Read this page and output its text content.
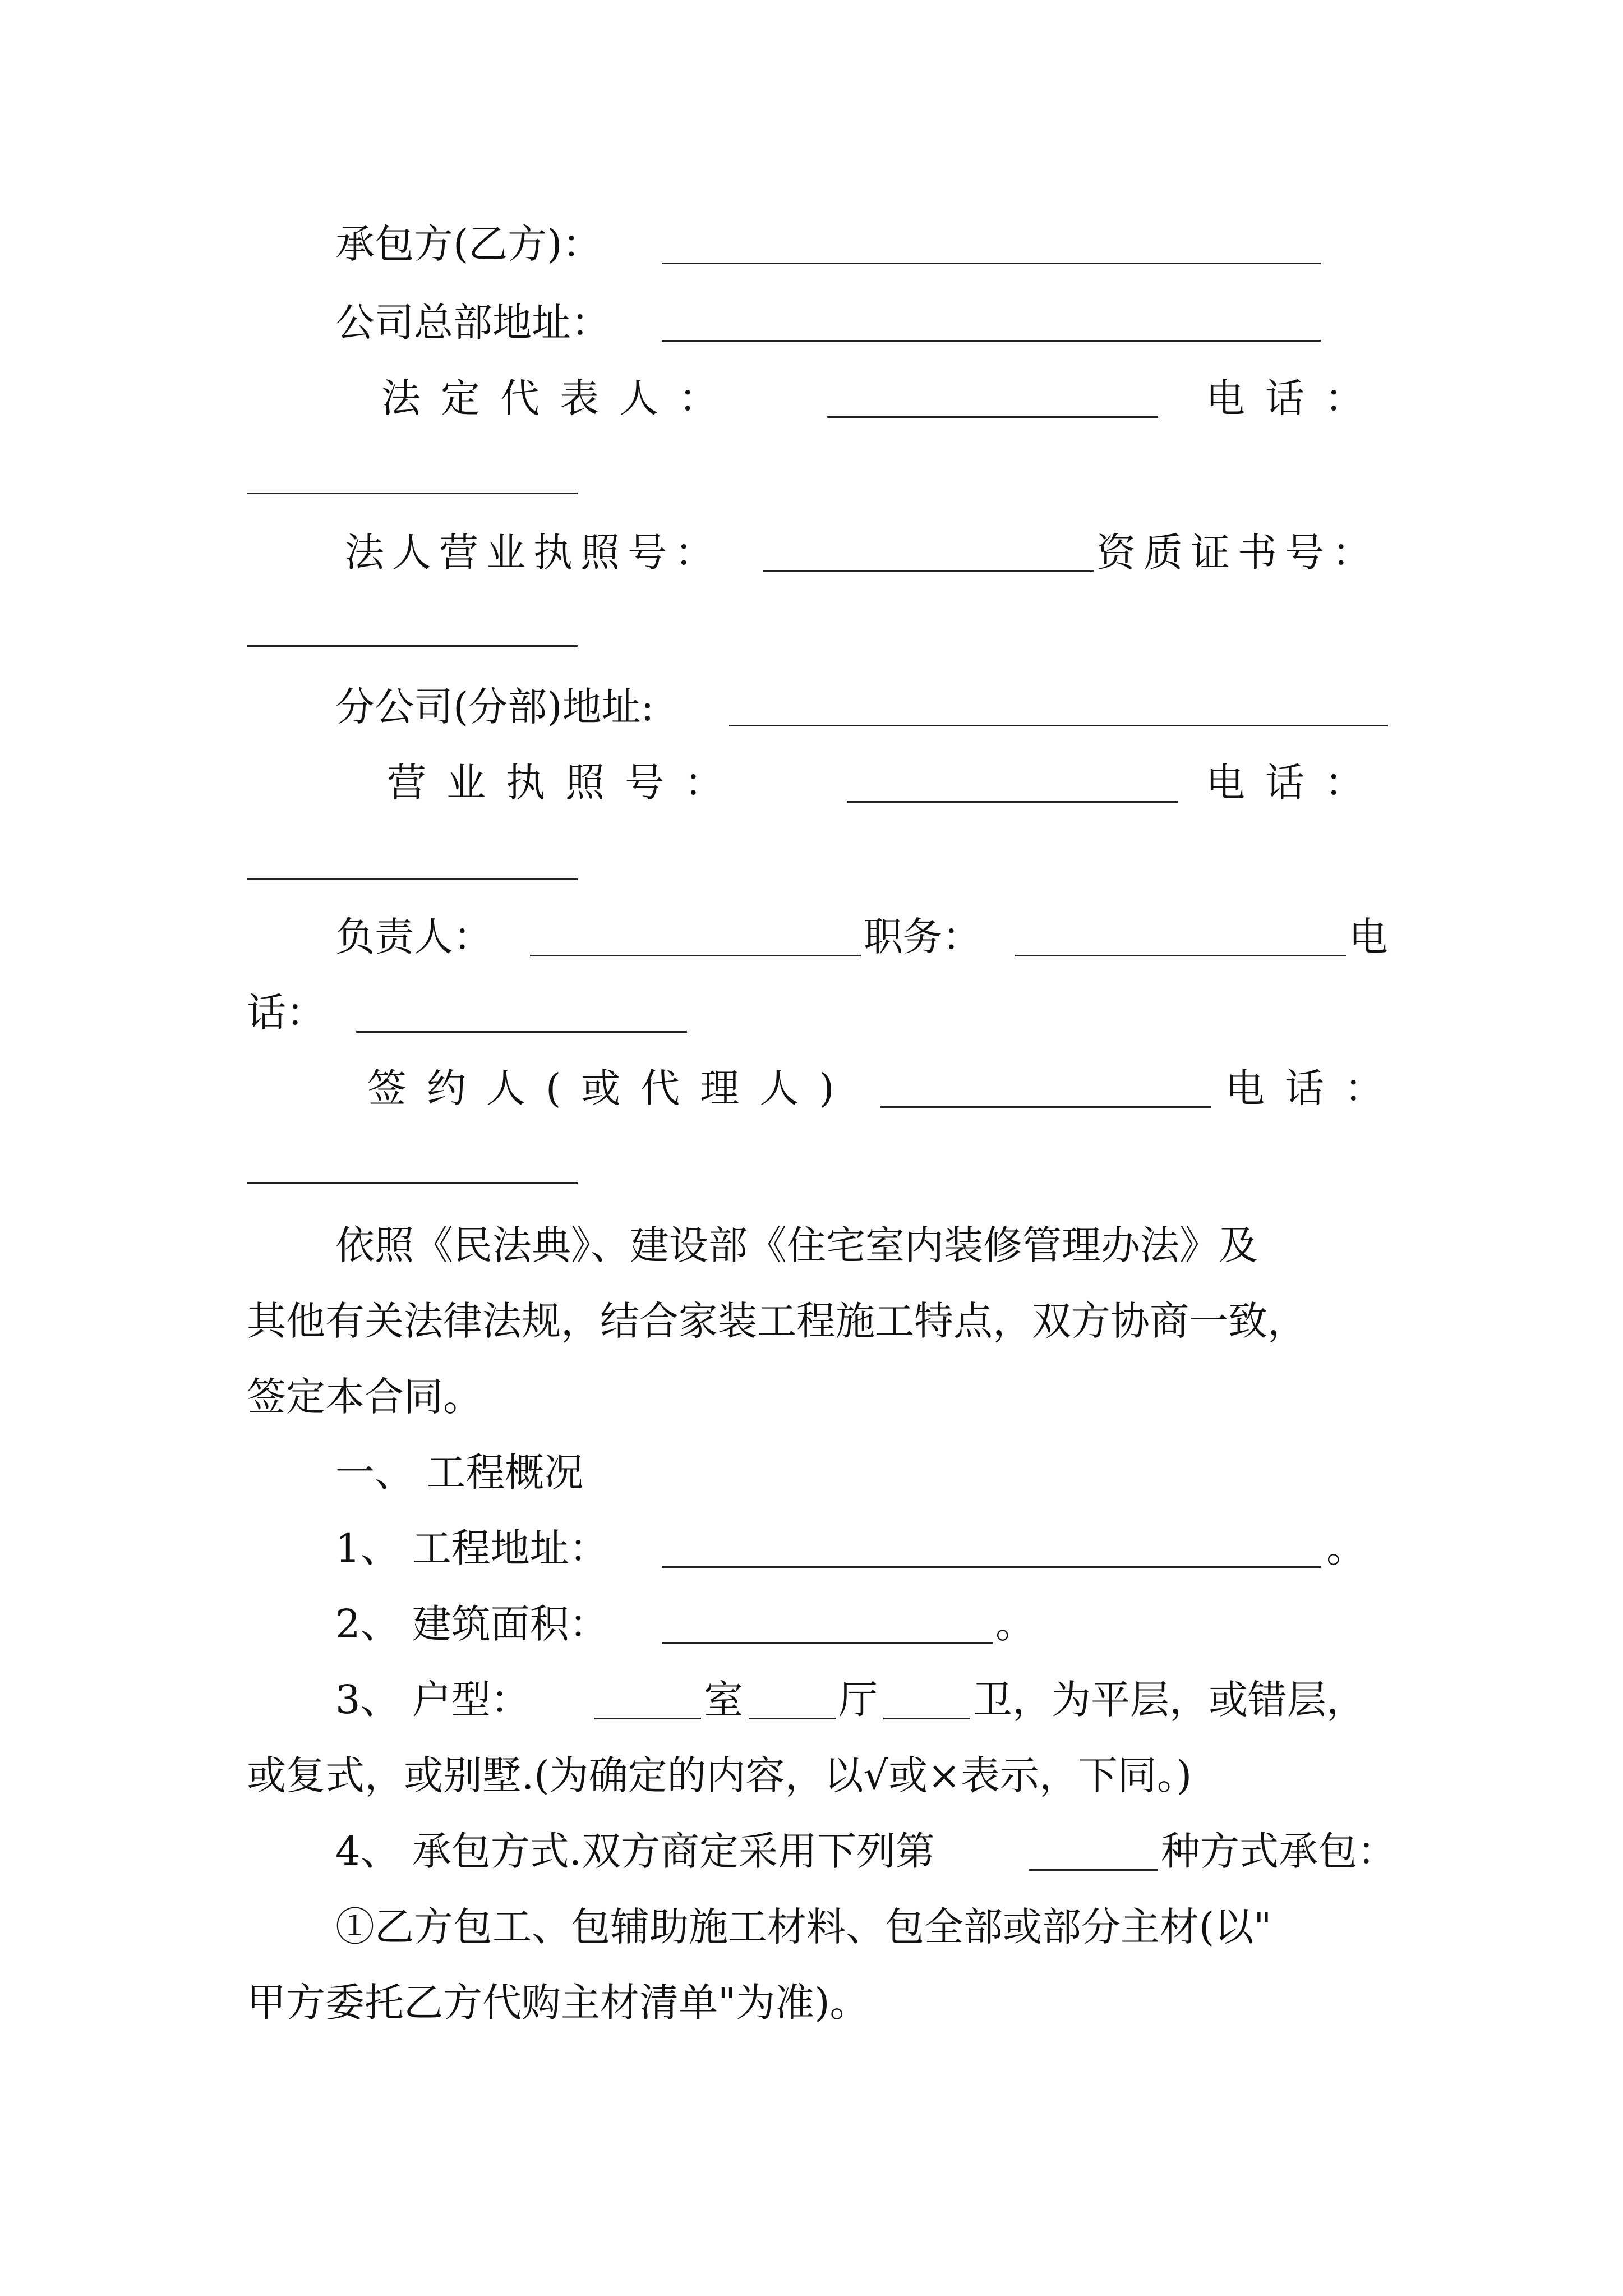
承包方(乙方)：
公司总部地址：
法定代表人：	电话：
法人营业执照号：	资质证书号：
分公司(分部)地址:
营业执照号：	电话：
负责人：	职务：	电
话：
签约人(或代理人)	电话：
依照《民法典》、建设部《住宅室内装修管理办法》及
其他有关法律法规，结合家装工程施工特点，双方协商一致，
签定本合同。
一、 工程概况
1、 工程地址：	。
2、 建筑面积：	。
3、 户型：	室 厅 卫，为平层，或错层，
或复式，或别墅.(为确定的内容，以√或×表示，下同。)
4、 承包方式.双方商定采用下列第	种方式承包：
①乙方包工、包辅助施工材料、包全部或部分主材(以"
甲方委托乙方代购主材清单"为准)。
